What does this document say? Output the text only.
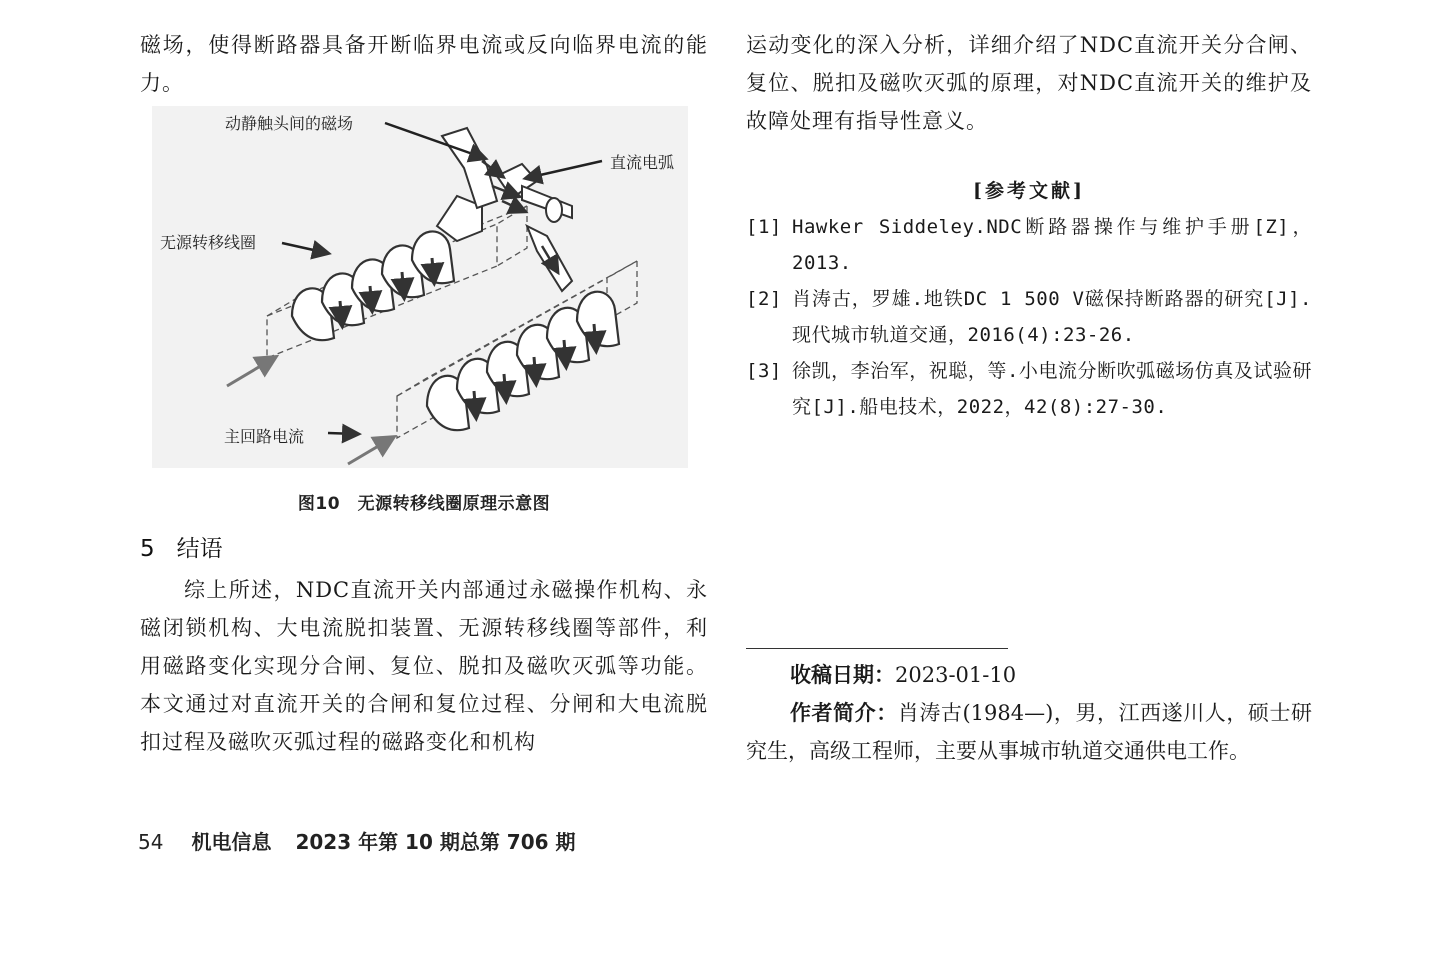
磁场，使得断路器具备开断临界电流或反向临界电流的能力。

动静触头间的磁场
直流电弧
无源转移线圈
主回路电流
图10　无源转移线圈原理示意图
5 结语

综上所述，NDC直流开关内部通过永磁操作机构、永磁闭锁机构、大电流脱扣装置、无源转移线圈等部件，利用磁路变化实现分合闸、复位、脱扣及磁吹灭弧等功能。本文通过对直流开关的合闸和复位过程、分闸和大电流脱扣过程及磁吹灭弧过程的磁路变化和机构

运动变化的深入分析，详细介绍了NDC直流开关分合闸、复位、脱扣及磁吹灭弧的原理，对NDC直流开关的维护及故障处理有指导性意义。

[参考文献]
[1] Hawker Siddeley.NDC断路器操作与维护手册[Z]，2013.
[2] 肖涛古，罗雄.地铁DC 1 500 V磁保持断路器的研究[J].现代城市轨道交通，2016(4):23-26.
[3] 徐凯，李治军，祝聪，等.小电流分断吹弧磁场仿真及试验研究[J].船电技术，2022，42(8):27-30.

收稿日期：2023-01-10

作者简介：肖涛古(1984—)，男，江西遂川人，硕士研究生，高级工程师，主要从事城市轨道交通供电工作。

54 机电信息 2023 年第 10 期总第 706 期
